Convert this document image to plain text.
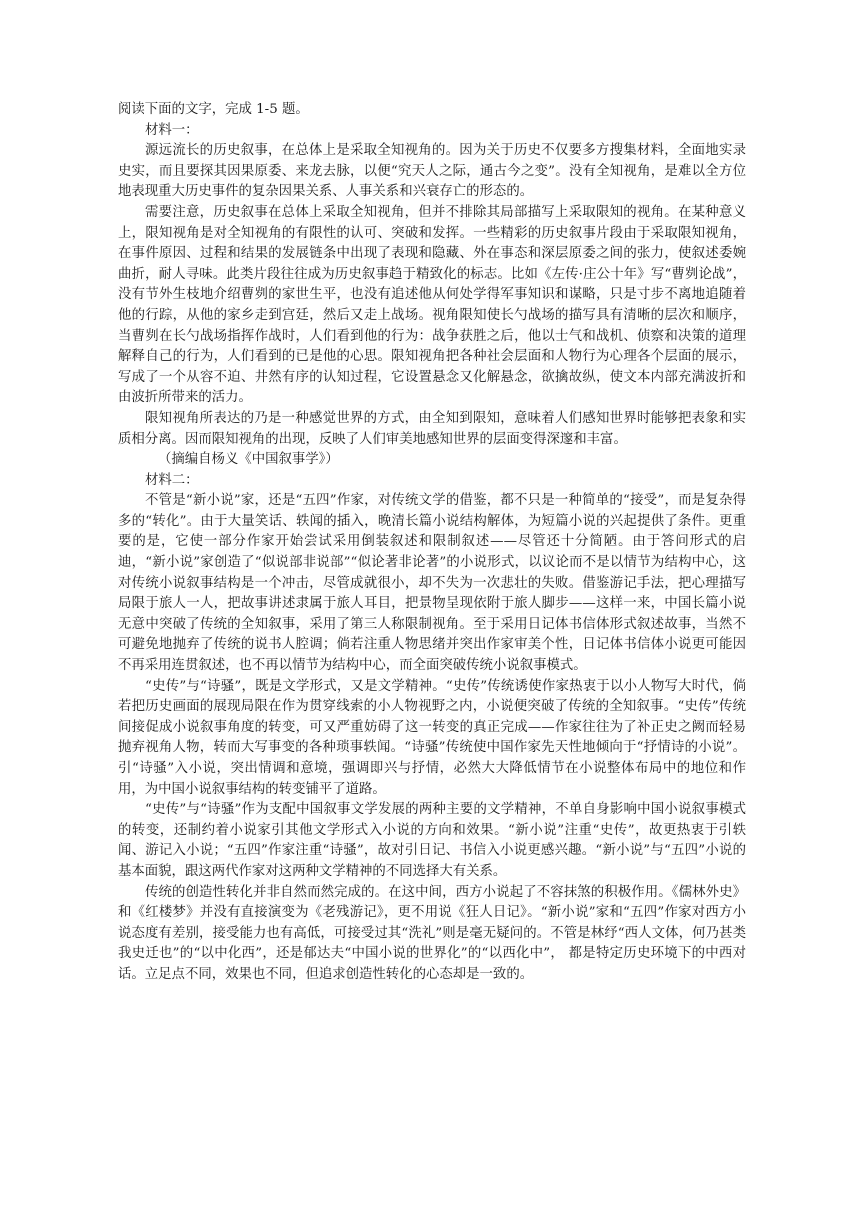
阅读下面的文字，完成 1-5 题。

材料一：

源远流长的历史叙事，在总体上是采取全知视角的。因为关于历史不仅要多方搜集材料，全面地实录史实，而且要探其因果原委、来龙去脉，以便“究天人之际，通古今之变”。没有全知视角，是难以全方位地表现重大历史事件的复杂因果关系、人事关系和兴衰存亡的形态的。

需要注意，历史叙事在总体上采取全知视角，但并不排除其局部描写上采取限知的视角。在某种意义上，限知视角是对全知视角的有限性的认可、突破和发挥。一些精彩的历史叙事片段由于采取限知视角，在事件原因、过程和结果的发展链条中出现了表现和隐藏、外在事态和深层原委之间的张力，使叙述委婉曲折，耐人寻味。此类片段往往成为历史叙事趋于精致化的标志。比如《左传·庄公十年》写“曹刿论战”，没有节外生枝地介绍曹刿的家世生平，也没有追述他从何处学得军事知识和谋略，只是寸步不离地追随着他的行踪，从他的家乡走到宫廷，然后又走上战场。视角限知使长勺战场的描写具有清晰的层次和顺序，当曹刿在长勺战场指挥作战时，人们看到他的行为：战争获胜之后，他以士气和战机、侦察和决策的道理解释自己的行为，人们看到的已是他的心思。限知视角把各种社会层面和人物行为心理各个层面的展示，写成了一个从容不迫、井然有序的认知过程，它设置悬念又化解悬念，欲擒故纵，使文本内部充满波折和由波折所带来的活力。

限知视角所表达的乃是一种感觉世界的方式，由全知到限知，意味着人们感知世界时能够把表象和实质相分离。因而限知视角的出现，反映了人们审美地感知世界的层面变得深邃和丰富。

（摘编自杨义《中国叙事学》）

材料二：

不管是“新小说”家，还是“五四”作家，对传统文学的借鉴，都不只是一种简单的“接受”，而是复杂得多的“转化”。由于大量笑话、轶闻的插入，晚清长篇小说结构解体，为短篇小说的兴起提供了条件。更重要的是，它使一部分作家开始尝试采用倒装叙述和限制叙述——尽管还十分简陋。由于答问形式的启迪，“新小说”家创造了“似说部非说部”“似论著非论著”的小说形式，以议论而不是以情节为结构中心，这对传统小说叙事结构是一个冲击，尽管成就很小，却不失为一次悲壮的失败。借鉴游记手法，把心理描写局限于旅人一人，把故事讲述隶属于旅人耳目，把景物呈现依附于旅人脚步——这样一来，中国长篇小说无意中突破了传统的全知叙事，采用了第三人称限制视角。至于采用日记体书信体形式叙述故事，当然不可避免地抛弃了传统的说书人腔调；倘若注重人物思绪并突出作家审美个性，日记体书信体小说更可能因不再采用连贯叙述，也不再以情节为结构中心，而全面突破传统小说叙事模式。

“史传”与“诗骚”，既是文学形式，又是文学精神。“史传”传统诱使作家热衷于以小人物写大时代，倘若把历史画面的展现局限在作为贯穿线索的小人物视野之内，小说便突破了传统的全知叙事。“史传”传统间接促成小说叙事角度的转变，可又严重妨碍了这一转变的真正完成——作家往往为了补正史之阙而轻易抛弃视角人物，转而大写事变的各种琐事轶闻。“诗骚”传统使中国作家先天性地倾向于“抒情诗的小说”。引“诗骚”入小说，突出情调和意境，强调即兴与抒情，必然大大降低情节在小说整体布局中的地位和作用，为中国小说叙事结构的转变铺平了道路。

“史传”与“诗骚”作为支配中国叙事文学发展的两种主要的文学精神，不单自身影响中国小说叙事模式的转变，还制约着小说家引其他文学形式入小说的方向和效果。“新小说”注重“史传”，故更热衷于引轶闻、游记入小说；“五四”作家注重“诗骚”，故对引日记、书信入小说更感兴趣。“新小说”与“五四”小说的基本面貌，跟这两代作家对这两种文学精神的不同选择大有关系。

传统的创造性转化并非自然而然完成的。在这中间，西方小说起了不容抹煞的积极作用。《儒林外史》和《红楼梦》并没有直接演变为《老残游记》，更不用说《狂人日记》。“新小说”家和“五四”作家对西方小说态度有差别，接受能力也有高低，可接受过其“洗礼”则是毫无疑问的。不管是林纾“西人文体，何乃甚类我史迁也”的“以中化西”，还是郁达夫“中国小说的世界化”的“以西化中”， 都是特定历史环境下的中西对话。立足点不同，效果也不同，但追求创造性转化的心态却是一致的。
